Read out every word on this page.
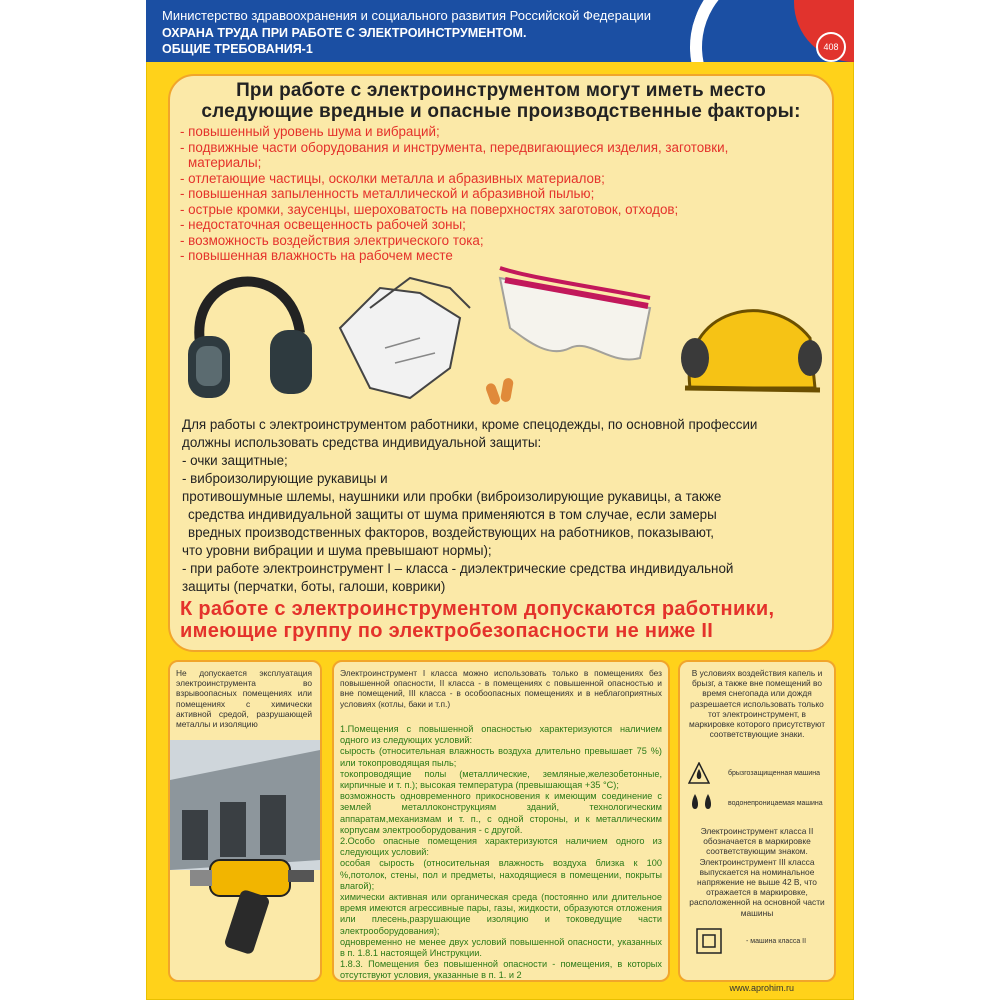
Министерство здравоохранения и социального развития Российской Федерации
ОХРАНА ТРУДА ПРИ РАБОТЕ С ЭЛЕКТРОИНСТРУМЕНТОМ.
ОБЩИЕ ТРЕБОВАНИЯ-1	408
При работе с электроинструментом могут иметь место
следующие вредные и опасные производственные факторы:
- повышенный уровень шума и вибраций;
- подвижные части оборудования и инструмента, передвигающиеся изделия, заготовки,
материалы;
- отлетающие частицы, осколки металла и абразивных материалов;
- повышенная запыленность металлической и абразивной пылью;
- острые кромки, заусенцы, шероховатость на поверхностях заготовок, отходов;
- недостаточная освещенность рабочей зоны;
- возможность воздействия электрического тока;
- повышенная влажность на рабочем месте
Для работы с электроинструментом работники, кроме спецодежды, по основной профессии
должны использовать средства индивидуальной защиты:
- очки защитные;
- виброизолирующие рукавицы и
противошумные шлемы, наушники или пробки (виброизолирующие рукавицы, а также
средства индивидуальной защиты от шума применяются в том случае, если замеры
вредных производственных факторов, воздействующих на работников, показывают,
что уровни вибрации и шума превышают нормы);
- при работе электроинструмент I – класса - диэлектрические средства индивидуальной
защиты (перчатки, боты, галоши, коврики)
К работе с электроинструментом допускаются работники,
имеющие группу по электробезопасности не ниже II
Не допускается эксплуатация электроинструмента во взрывоопасных помещениях или помещениях с химически активной средой, разрушающей металлы и изоляцию
Электроинструмент I класса можно использовать только в помещениях без повышенной опасности, II класса - в помещениях с повышенной опасностью и вне помещений, III класса - в особоопасных помещениях и в неблагоприятных условиях (котлы, баки и т.п.)
1.Помещения с повышенной опасностью характеризуются наличием одного из следующих условий:
сырость (относительная влажность воздуха длительно превышает 75 %) или токопроводящая пыль;
токопроводящие полы (металлические, земляные,железобетонные, кирпичные и т. п.); высокая температура (превышающая +35 °С);
возможность одновременного прикосновения к имеющим соединение с землей металлоконструкциям зданий, технологическим аппаратам,механизмам и т. п., с одной стороны, и к металлическим корпусам электрооборудования - с другой.
2.Особо опасные помещения характеризуются наличием одного из следующих условий:
особая сырость (относительная влажность воздуха близка к 100 %,потолок, стены, пол и предметы, находящиеся в помещении, покрыты влагой);
химически активная или органическая среда (постоянно или длительное время имеются агрессивные пары, газы, жидкости, образуются отложения или плесень,разрушающие изоляцию и токоведущие части электрооборудования);
одновременно не менее двух условий повышенной опасности, указанных в п. 1.8.1 настоящей Инструкции.
1.8.3. Помещения без повышенной опасности - помещения, в которых отсутствуют условия, указанные в п. 1. и 2
В условиях воздействия капель и брызг, а также вне помещений во время снегопада или дождя разрешается использовать только тот электроинструмент, в маркировке которого присутствуют соответствующие знаки.
брызгозащищенная машина
водонепроницаемая машина
Электроинструмент класса II обозначается в маркировке соответствующим знаком. Электроинструмент III класса выпускается на номинальное напряжение не выше 42 В, что отражается в маркировке, расположенной на основной части машины
- машина класса II
www.aprohim.ru
